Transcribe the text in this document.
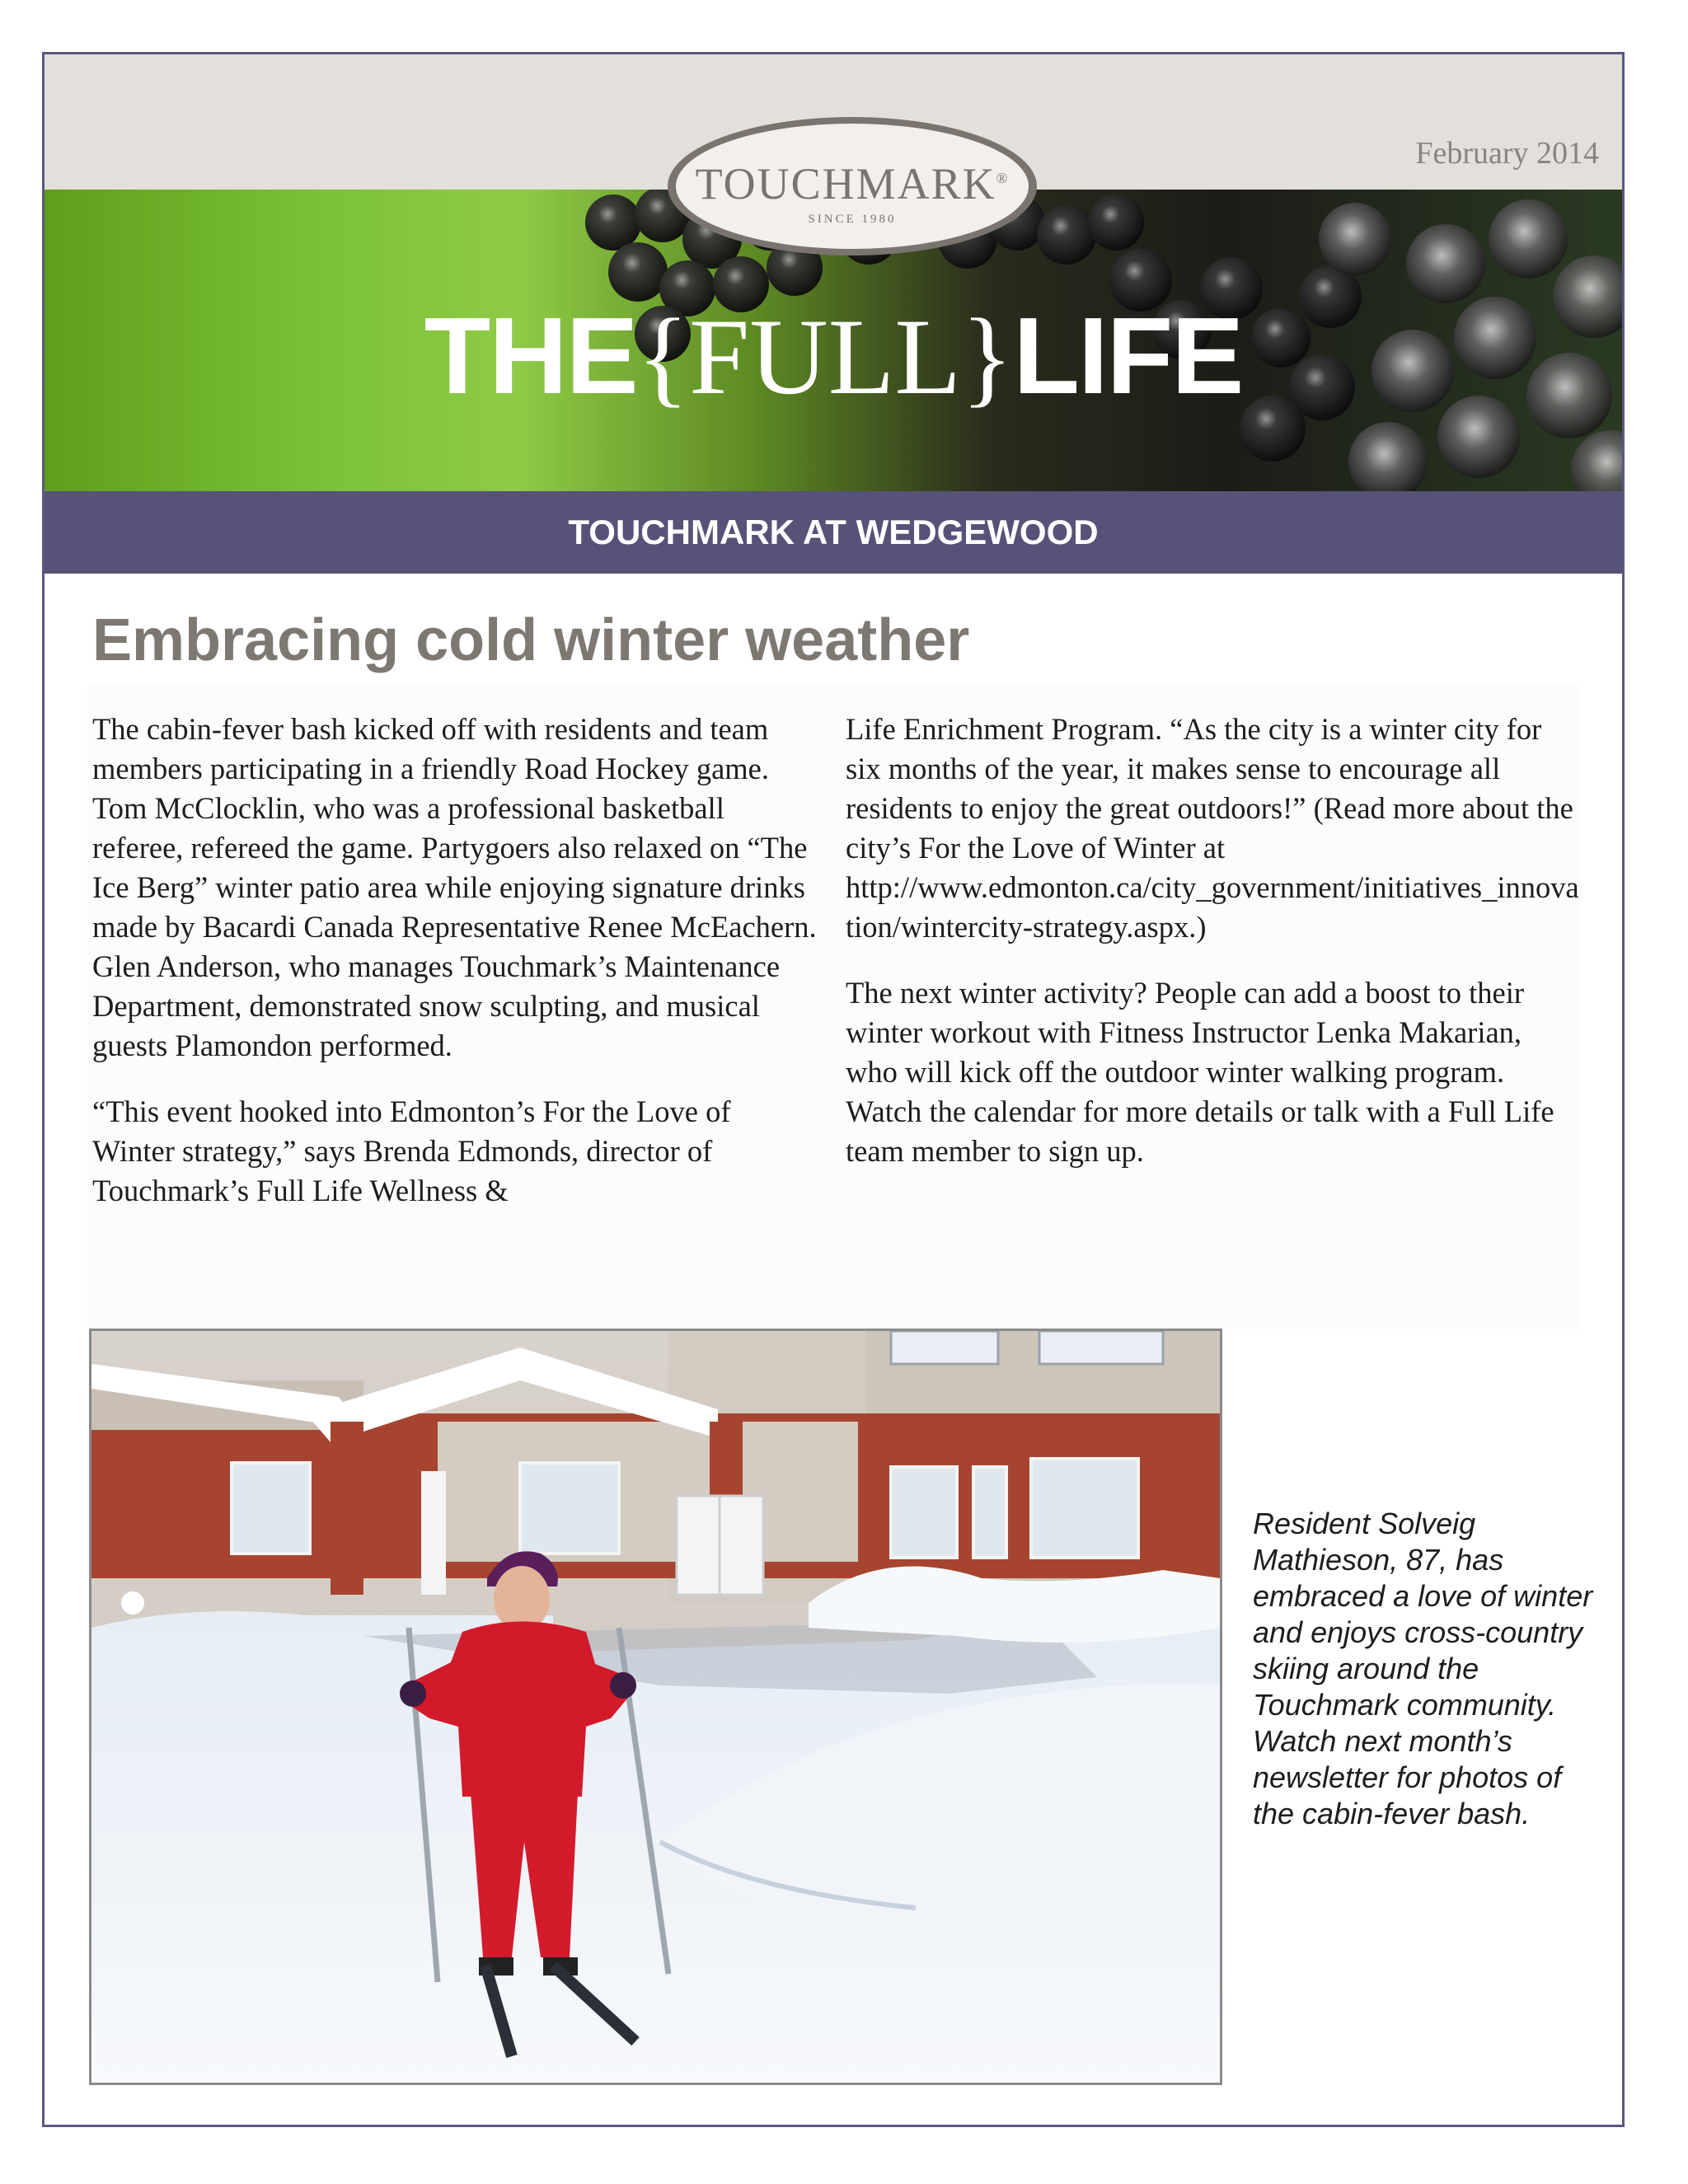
February 2014
TOUCHMARK®
SINCE 1980
THE{FULL}LIFE
TOUCHMARK AT WEDGEWOOD
Embracing cold winter weather

The cabin-fever bash kicked off with residents and team members participating in a friendly Road Hockey game. Tom McClocklin, who was a professional basketball referee, refereed the game. Partygoers also relaxed on “The Ice Berg” winter patio area while enjoying signature drinks made by Bacardi Canada Representative Renee McEachern. Glen Anderson, who manages Touchmark’s Maintenance Department, demonstrated snow sculpting, and musical guests Plamondon performed.

“This event hooked into Edmonton’s For the Love of Winter strategy,” says Brenda Edmonds, director of Touchmark’s Full Life Wellness &

Life Enrichment Program. “As the city is a winter city for six months of the year, it makes sense to encourage all residents to enjoy the great outdoors!” (Read more about the city’s For the Love of Winter at http://www.edmonton.ca/city_government/initiatives_innovation/wintercity-strategy.aspx.)

The next winter activity? People can add a boost to their winter workout with Fitness Instructor Lenka Makarian, who will kick off the outdoor winter walking program. Watch the calendar for more details or talk with a Full Life team member to sign up.

Resident Solveig Mathieson, 87, has embraced a love of winter and enjoys cross-country skiing around the Touchmark community. Watch next month’s newsletter for photos of the cabin-fever bash.
